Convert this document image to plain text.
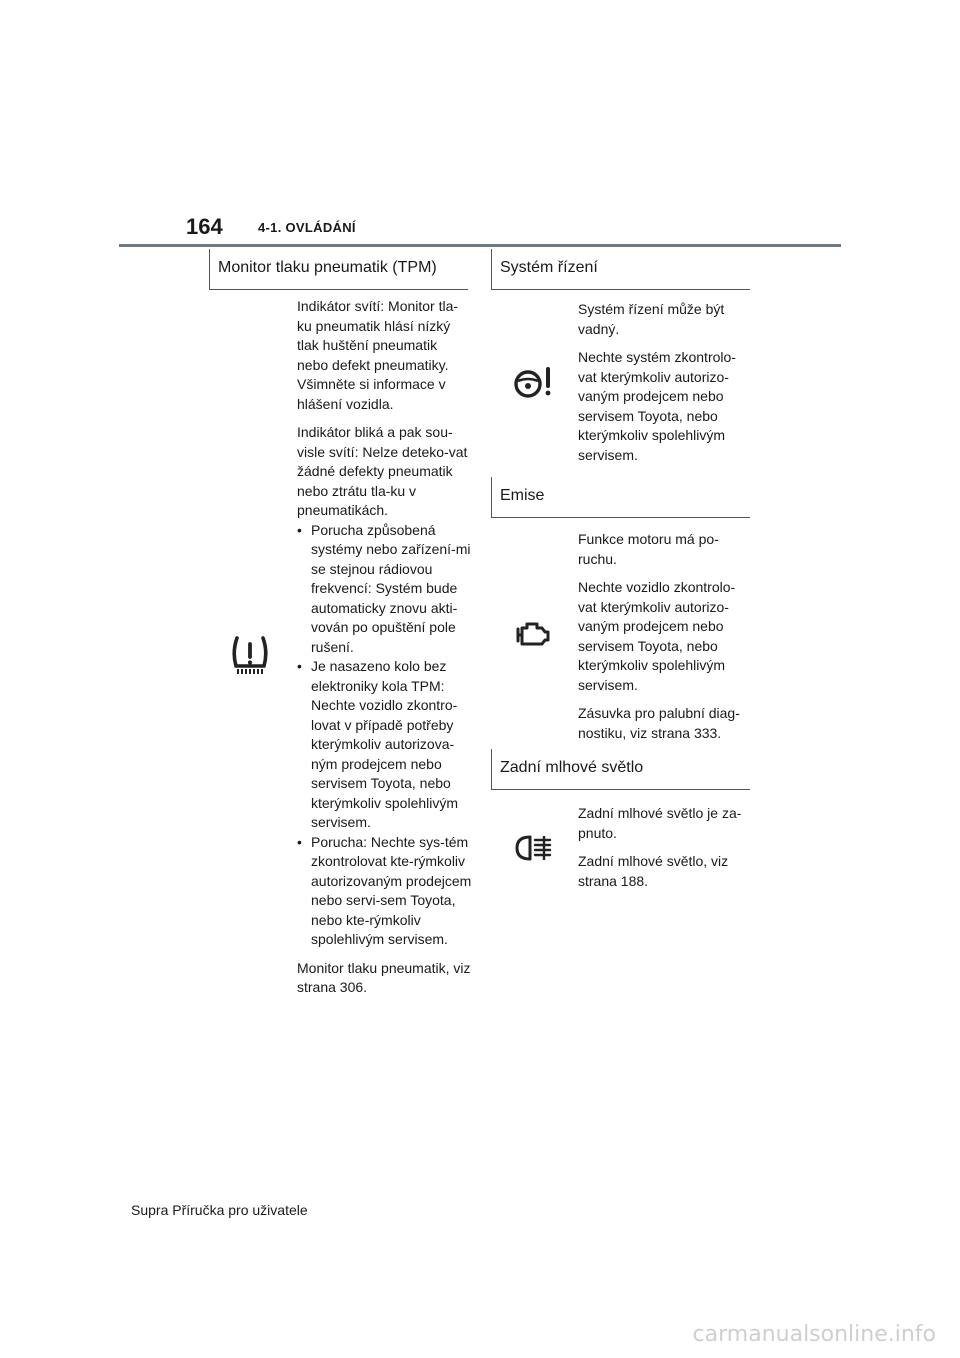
164	4-1. OVLÁDÁNÍ
Monitor tlaku pneumatik (TPM)

Indikátor svítí: Monitor tla-ku pneumatik hlásí nízký tlak huštění pneumatik nebo defekt pneumatiky. Všimněte si informace v hlášení vozidla.

Indikátor bliká a pak sou-visle svítí: Nelze deteko-vat žádné defekty pneumatik nebo ztrátu tla-ku v pneumatikách.

• Porucha způsobená systémy nebo zařízení-mi se stejnou rádiovou frekvencí: Systém bude automaticky znovu akti-vován po opuštění pole rušení.
• Je nasazeno kolo bez elektroniky kola TPM: Nechte vozidlo zkontro-lovat v případě potřeby kterýmkoliv autorizova-ným prodejcem nebo servisem Toyota, nebo kterýmkoliv spolehlivým servisem.
• Porucha: Nechte sys-tém zkontrolovat kte-rýmkoliv autorizovaným prodejcem nebo servi-sem Toyota, nebo kte-rýmkoliv spolehlivým servisem.

Monitor tlaku pneumatik, viz strana 306.

Systém řízení

Systém řízení může být vadný.

Nechte systém zkontrolo-vat kterýmkoliv autorizo-vaným prodejcem nebo servisem Toyota, nebo kterýmkoliv spolehlivým servisem.

Emise

Funkce motoru má po-ruchu.

Nechte vozidlo zkontrolo-vat kterýmkoliv autorizo-vaným prodejcem nebo servisem Toyota, nebo kterýmkoliv spolehlivým servisem.

Zásuvka pro palubní diag-nostiku, viz strana 333.

Zadní mlhové světlo

Zadní mlhové světlo je za-pnuto.

Zadní mlhové světlo, viz strana 188.

Supra Příručka pro uživatele
carmanualsonline.info
